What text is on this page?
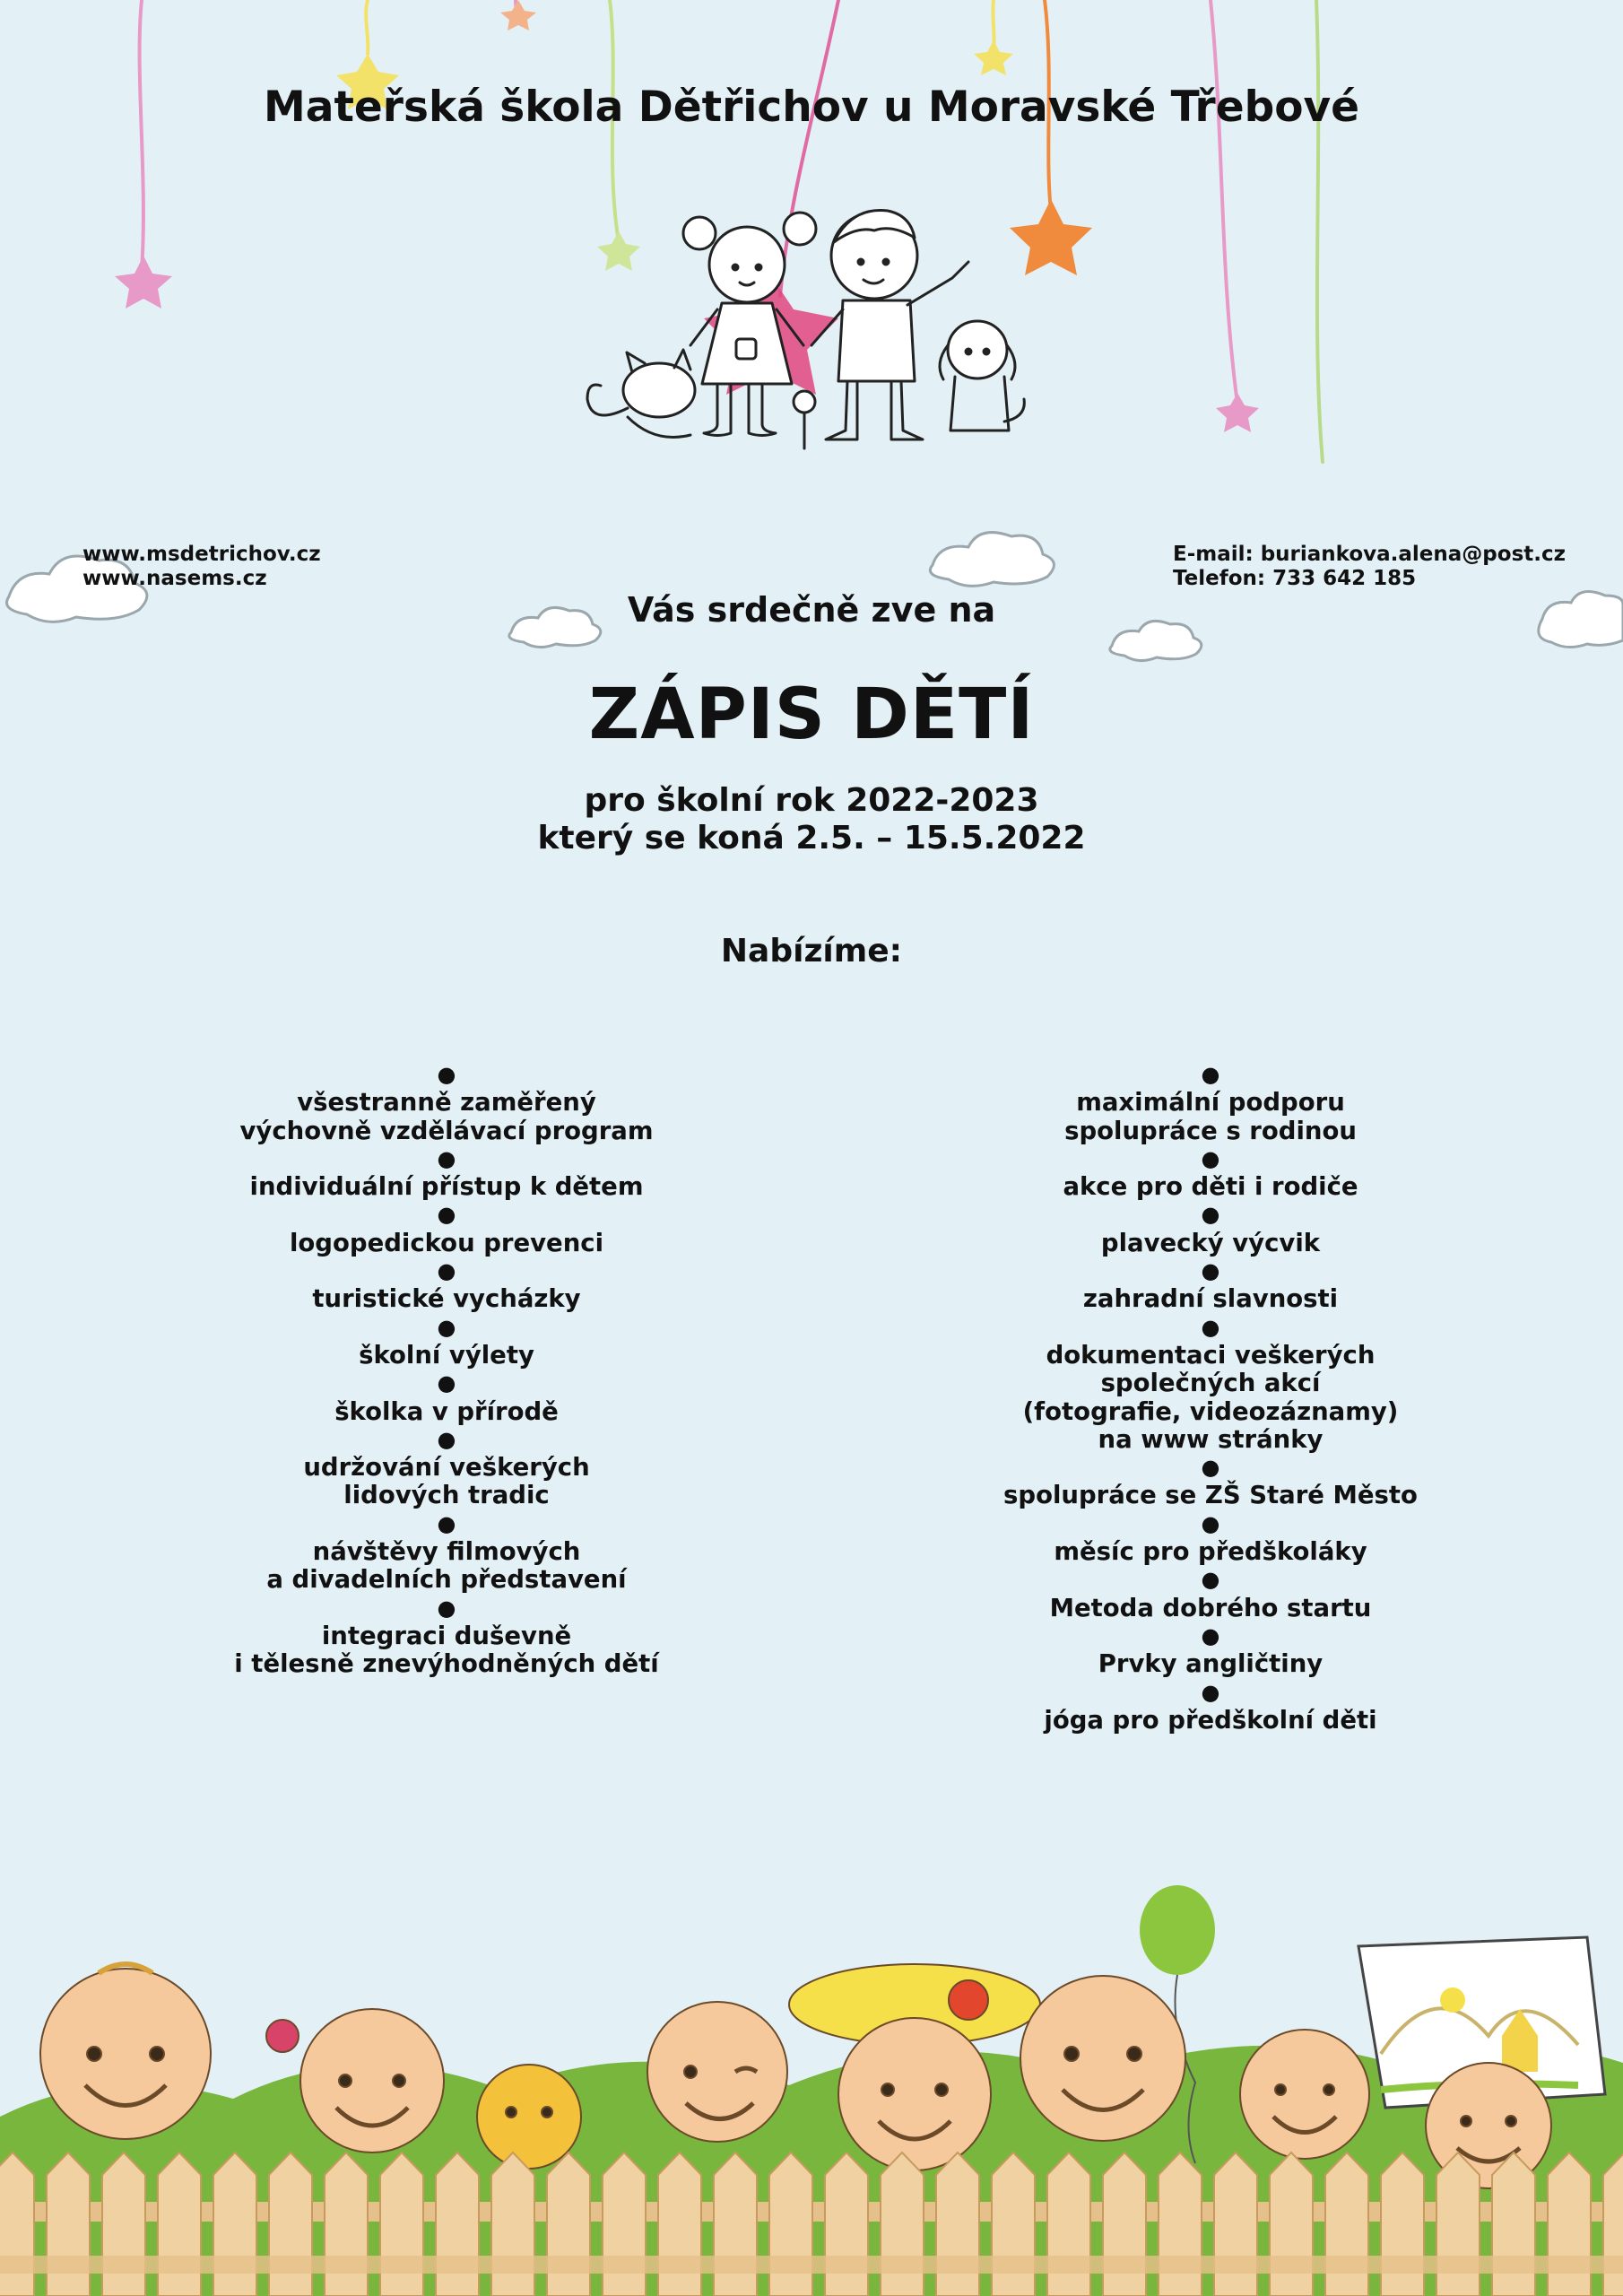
Mateřská škola Dětřichov u Moravské Třebové
www.msdetrichov.cz
www.nasems.cz
E-mail: buriankova.alena@post.cz
Telefon: 733 642 185
Vás srdečně zve na
ZÁPIS DĚTÍ
pro školní rok 2022-2023
který se koná 2.5. – 15.5.2022
Nabízíme:
●
všestranně zaměřený
výchovně vzdělávací program
●
individuální přístup k dětem
●
logopedickou prevenci
●
turistické vycházky
●
školní výlety
●
školka v přírodě
●
udržování veškerých
lidových tradic
●
návštěvy filmových
a divadelních představení
●
integraci duševně
i tělesně znevýhodněných dětí
●
maximální podporu
spolupráce s rodinou
●
akce pro děti i rodiče
●
plavecký výcvik
●
zahradní slavnosti
●
dokumentaci veškerých
společných akcí
(fotografie, videozáznamy)
na www stránky
●
spolupráce se ZŠ Staré Město
●
měsíc pro předškoláky
●
Metoda dobrého startu
●
Prvky angličtiny
●
jóga pro předškolní děti
